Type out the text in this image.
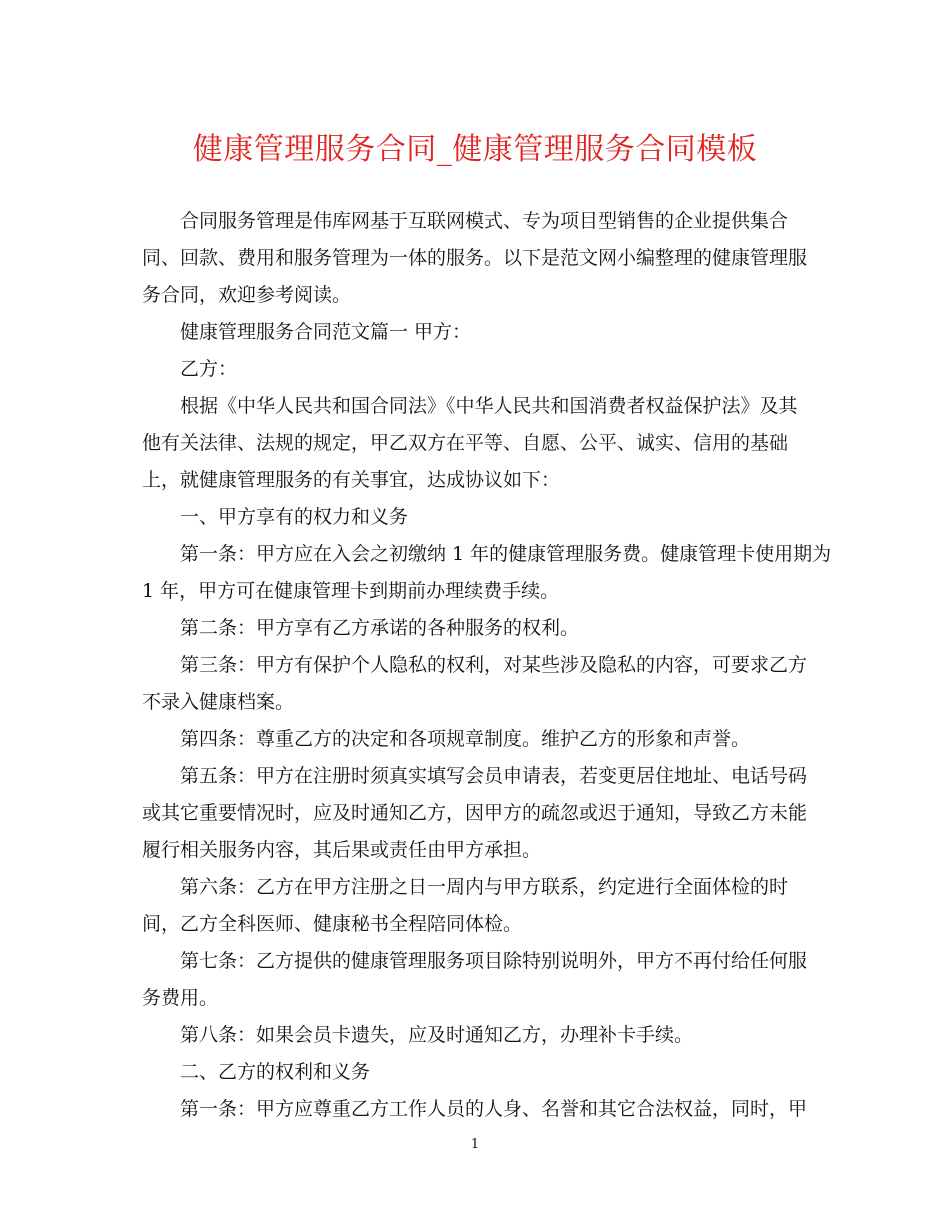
健康管理服务合同_健康管理服务合同模板
合同服务管理是伟库网基于互联网模式、专为项目型销售的企业提供集合
同、回款、费用和服务管理为一体的服务。以下是范文网小编整理的健康管理服
务合同，欢迎参考阅读。
健康管理服务合同范文篇一 甲方：
乙方：
根据《中华人民共和国合同法》《中华人民共和国消费者权益保护法》及其
他有关法律、法规的规定，甲乙双方在平等、自愿、公平、诚实、信用的基础
上，就健康管理服务的有关事宜，达成协议如下：
一、甲方享有的权力和义务
第一条：甲方应在入会之初缴纳 1 年的健康管理服务费。健康管理卡使用期为
1 年，甲方可在健康管理卡到期前办理续费手续。
第二条：甲方享有乙方承诺的各种服务的权利。
第三条：甲方有保护个人隐私的权利，对某些涉及隐私的内容，可要求乙方
不录入健康档案。
第四条：尊重乙方的决定和各项规章制度。维护乙方的形象和声誉。
第五条：甲方在注册时须真实填写会员申请表，若变更居住地址、电话号码
或其它重要情况时，应及时通知乙方，因甲方的疏忽或迟于通知，导致乙方未能
履行相关服务内容，其后果或责任由甲方承担。
第六条：乙方在甲方注册之日一周内与甲方联系，约定进行全面体检的时
间，乙方全科医师、健康秘书全程陪同体检。
第七条：乙方提供的健康管理服务项目除特别说明外，甲方不再付给任何服
务费用。
第八条：如果会员卡遗失，应及时通知乙方，办理补卡手续。
二、乙方的权利和义务
第一条：甲方应尊重乙方工作人员的人身、名誉和其它合法权益，同时，甲
1
